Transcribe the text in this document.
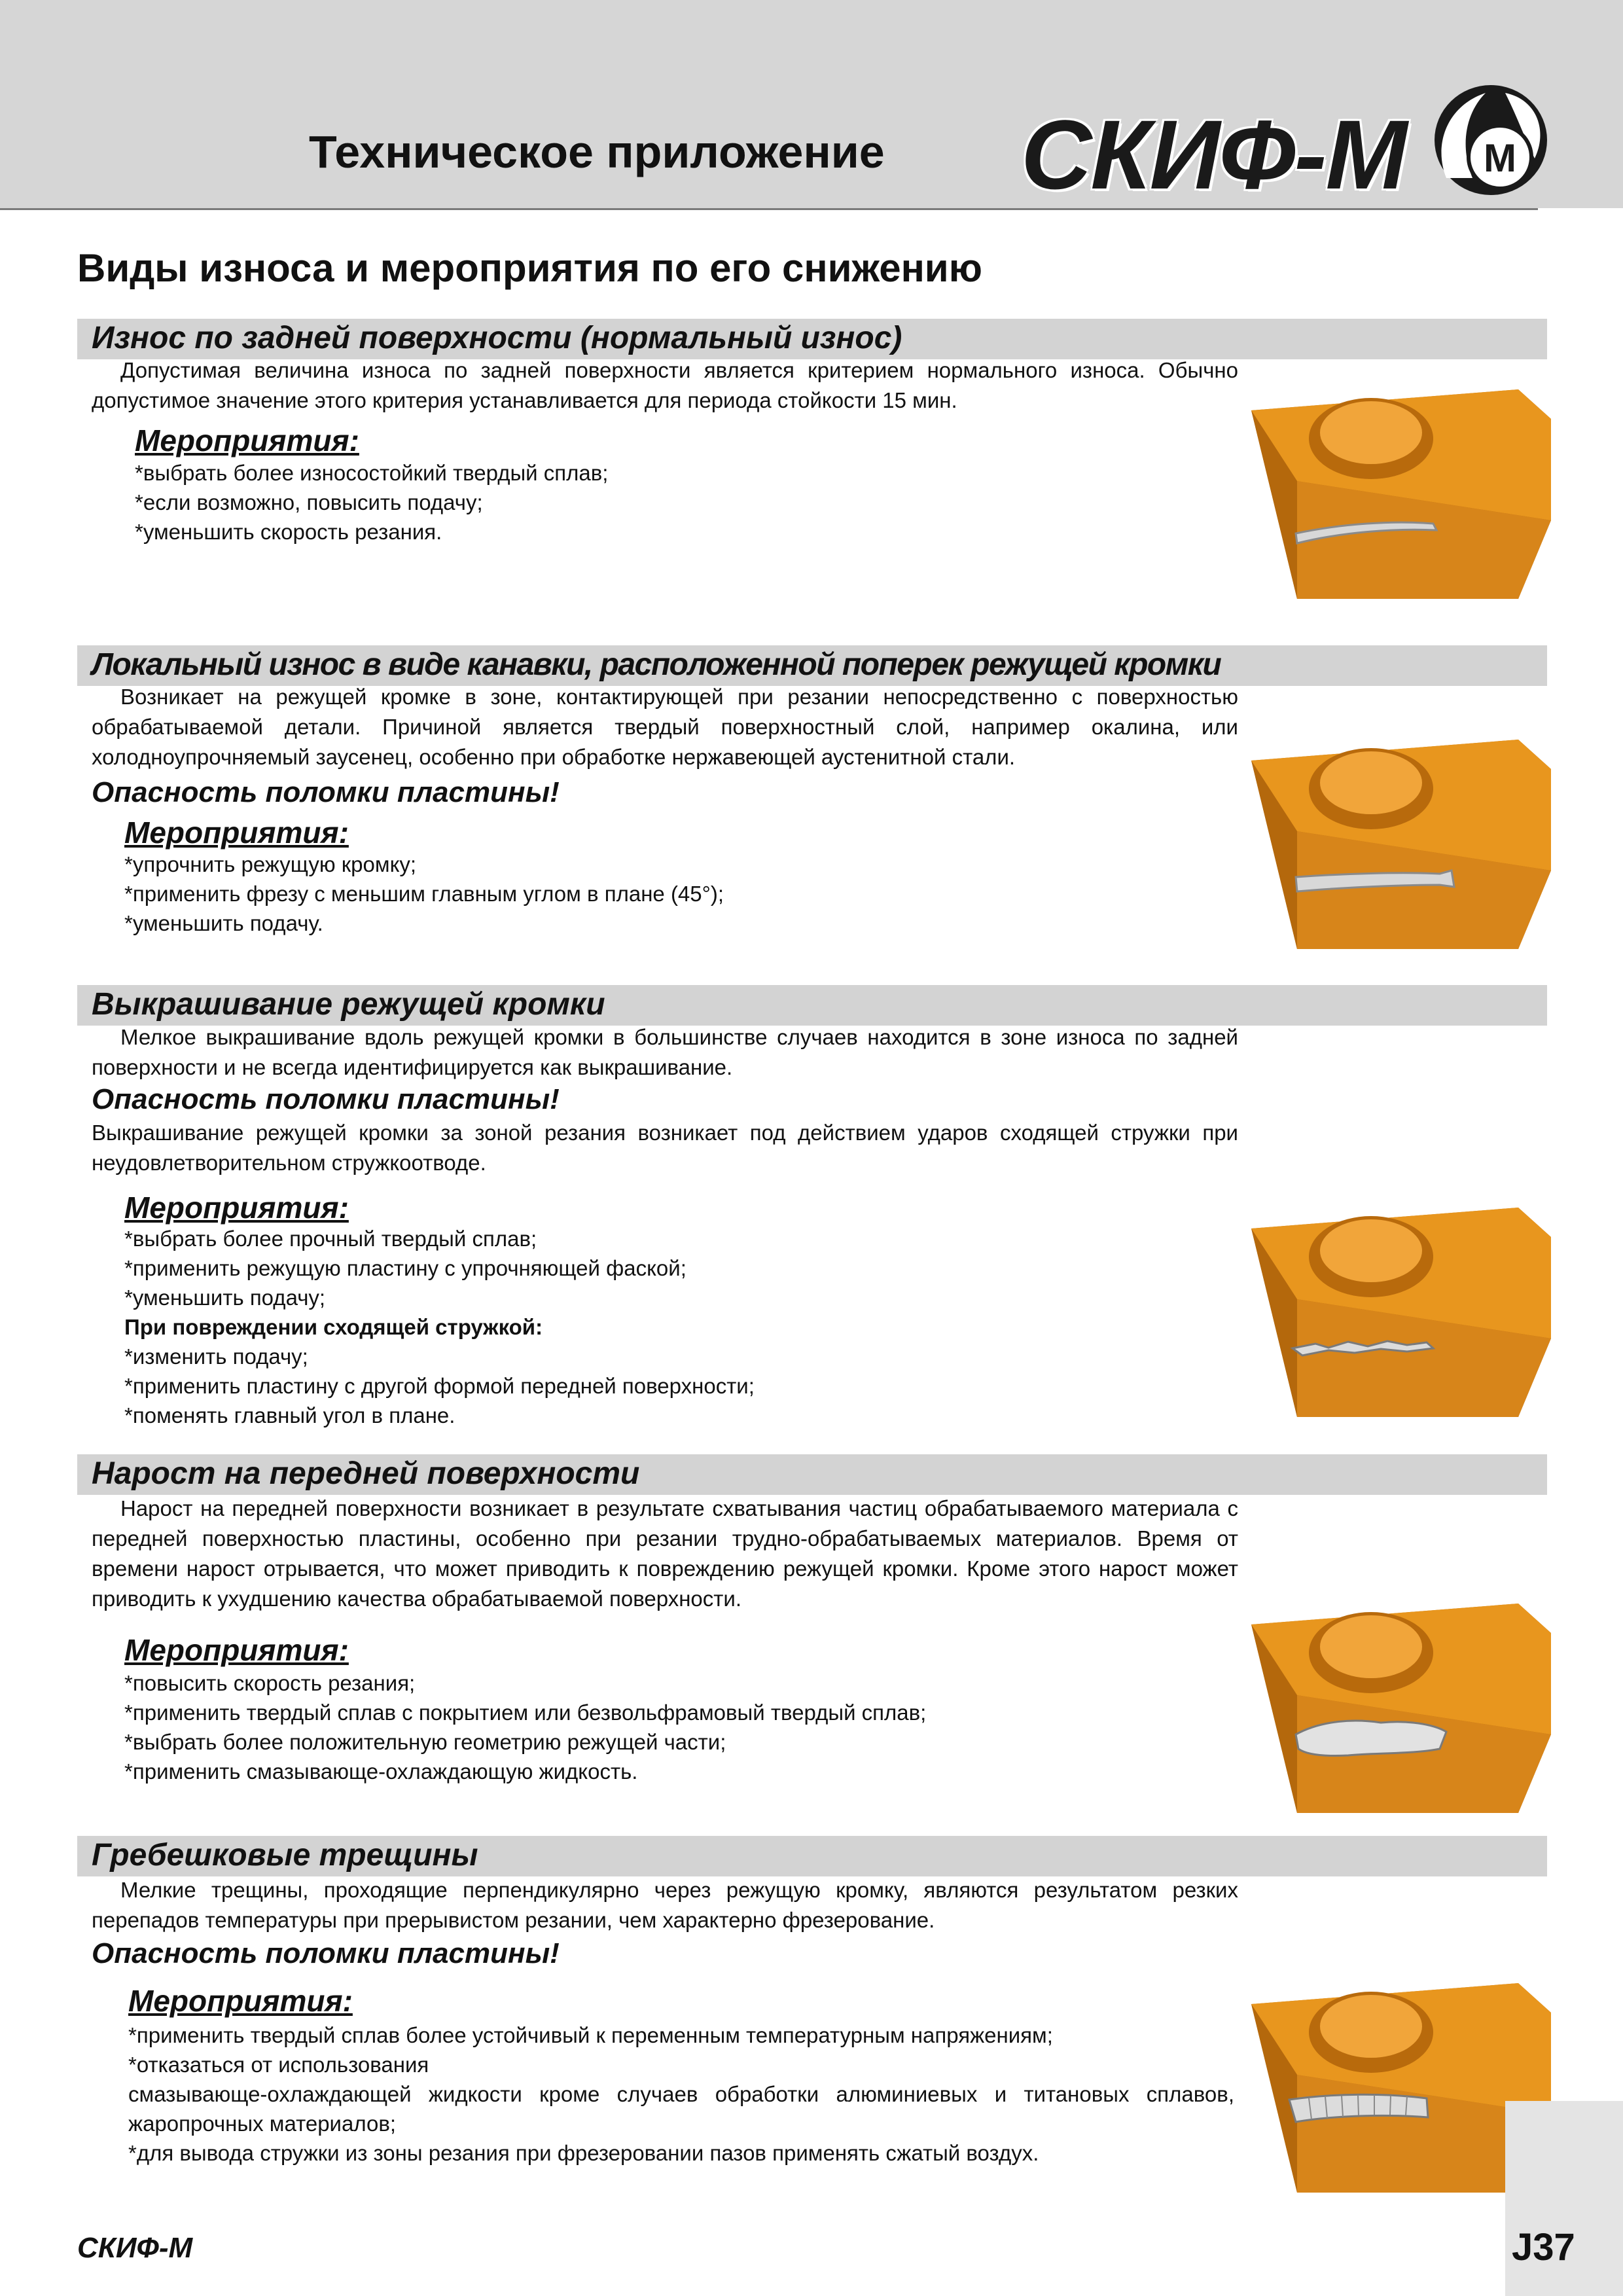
Техническое приложение СКИФ-М M
Виды износа и мероприятия по его снижению
Износ по задней поверхности (нормальный износ)
Допустимая величина износа по задней поверхности является критерием нормального износа. Обычно допустимое значение этого критерия устанавливается для периода стойкости 15 мин.
Мероприятия:
*выбрать более износостойкий твердый сплав;
*если возможно, повысить подачу;
*уменьшить скорость резания.
Локальный износ в виде канавки, расположенной поперек режущей кромки
Возникает на режущей кромке в зоне, контактирующей при резании непосредственно с поверхностью обрабатываемой детали. Причиной является твердый поверхностный слой, например окалина, или холодноупрочняемый заусенец, особенно при обработке нержавеющей аустенитной стали.
Опасность поломки пластины!
Мероприятия:
*упрочнить режущую кромку;
*применить фрезу с меньшим главным углом в плане (45°);
*уменьшить подачу.
Выкрашивание режущей кромки
Мелкое выкрашивание вдоль режущей кромки в большинстве случаев находится в зоне износа по задней поверхности и не всегда идентифицируется как выкрашивание.
Опасность поломки пластины!
Выкрашивание режущей кромки за зоной резания возникает под действием ударов сходящей стружки при неудовлетворительном стружкоотводе.
Мероприятия:
*выбрать более прочный твердый сплав;
*применить режущую пластину с упрочняющей фаской;
*уменьшить подачу;
При повреждении сходящей стружкой:
*изменить подачу;
*применить пластину с другой формой передней поверхности;
*поменять главный угол в плане.
Нарост на передней поверхности
Нарост на передней поверхности возникает в результате схватывания частиц обрабатываемого материала с передней поверхностью пластины, особенно при резании трудно-обрабатываемых материалов. Время от времени нарост отрывается, что может приводить к повреждению режущей кромки. Кроме этого нарост может приводить к ухудшению качества обрабатываемой поверхности.
Мероприятия:
*повысить скорость резания;
*применить твердый сплав с покрытием или безвольфрамовый твердый сплав;
*выбрать более положительную геометрию режущей части;
*применить смазывающе-охлаждающую жидкость.
Гребешковые трещины
Мелкие трещины, проходящие перпендикулярно через режущую кромку, являются результатом резких перепадов температуры при прерывистом резании, чем характерно фрезерование.
Опасность поломки пластины!
Мероприятия:
*применить твердый сплав более устойчивый к переменным температурным напряжениям;
*отказаться от использования
смазывающе-охлаждающей жидкости кроме случаев обработки алюминиевых и титановых сплавов, жаропрочных материалов;
*для вывода стружки из зоны резания при фрезеровании пазов применять сжатый воздух.
СКИФ-М	J37
